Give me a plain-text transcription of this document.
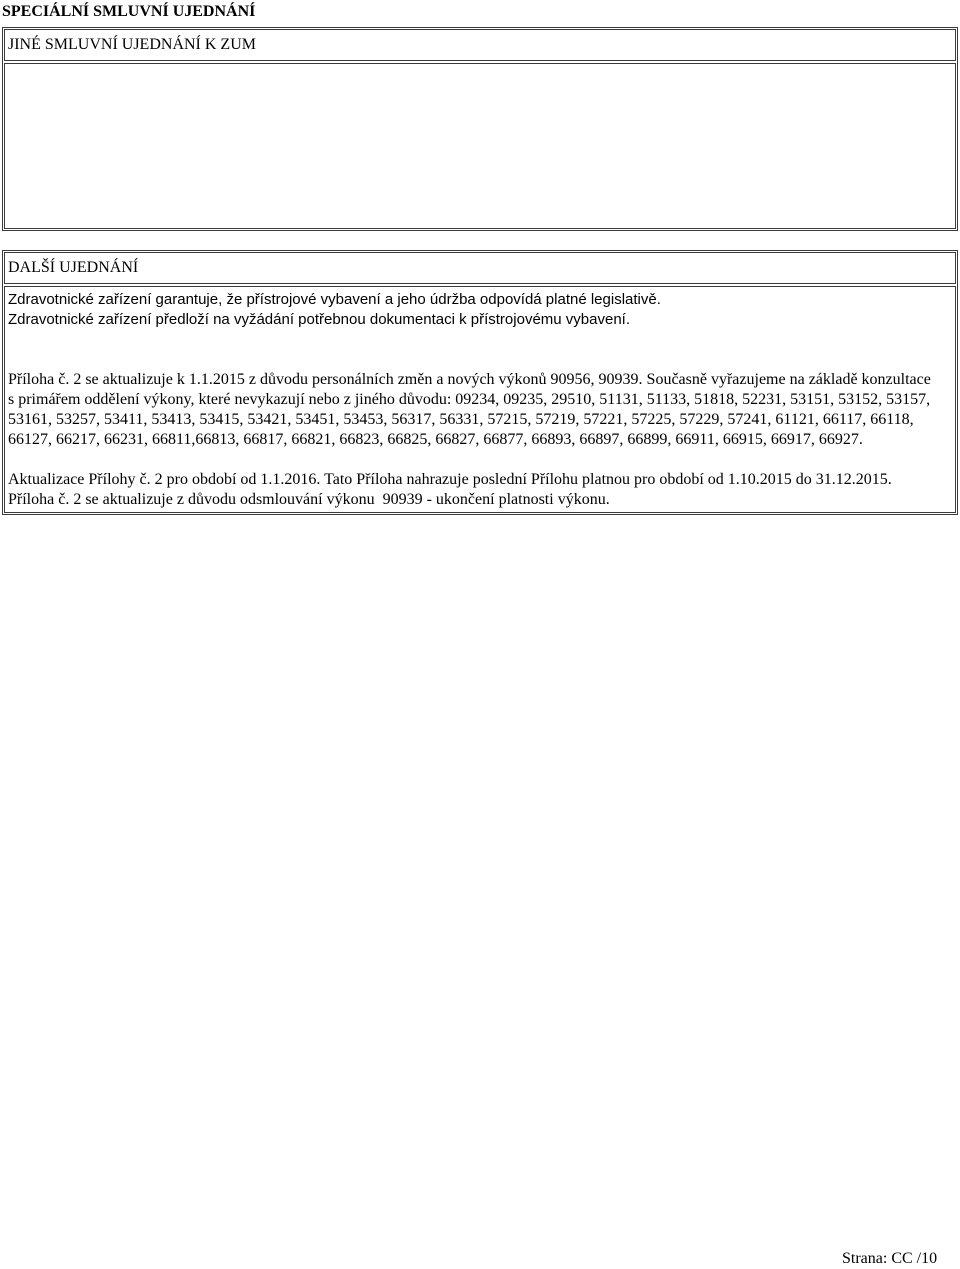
SPECIÁLNÍ SMLUVNÍ UJEDNÁNÍ
JINÉ SMLUVNÍ UJEDNÁNÍ K ZUM
DALŠÍ UJEDNÁNÍ
Zdravotnické zařízení garantuje, že přístrojové vybavení a jeho údržba odpovídá platné legislativě.
Zdravotnické zařízení předloží na vyžádání potřebnou dokumentaci k přístrojovému vybavení.
Příloha č. 2 se aktualizuje k 1.1.2015 z důvodu personálních změn a nových výkonů 90956, 90939. Současně vyřazujeme na základě konzultace
s primářem oddělení výkony, které nevykazují nebo z jiného důvodu: 09234, 09235, 29510, 51131, 51133, 51818, 52231, 53151, 53152, 53157,
53161, 53257, 53411, 53413, 53415, 53421, 53451, 53453, 56317, 56331, 57215, 57219, 57221, 57225, 57229, 57241, 61121, 66117, 66118,
66127, 66217, 66231, 66811,66813, 66817, 66821, 66823, 66825, 66827, 66877, 66893, 66897, 66899, 66911, 66915, 66917, 66927.
Aktualizace Přílohy č. 2 pro období od 1.1.2016. Tato Příloha nahrazuje poslední Přílohu platnou pro období od 1.10.2015 do 31.12.2015.
Příloha č. 2 se aktualizuje z důvodu odsmlouvání výkonu  90939 - ukončení platnosti výkonu.
Strana: CC /10
